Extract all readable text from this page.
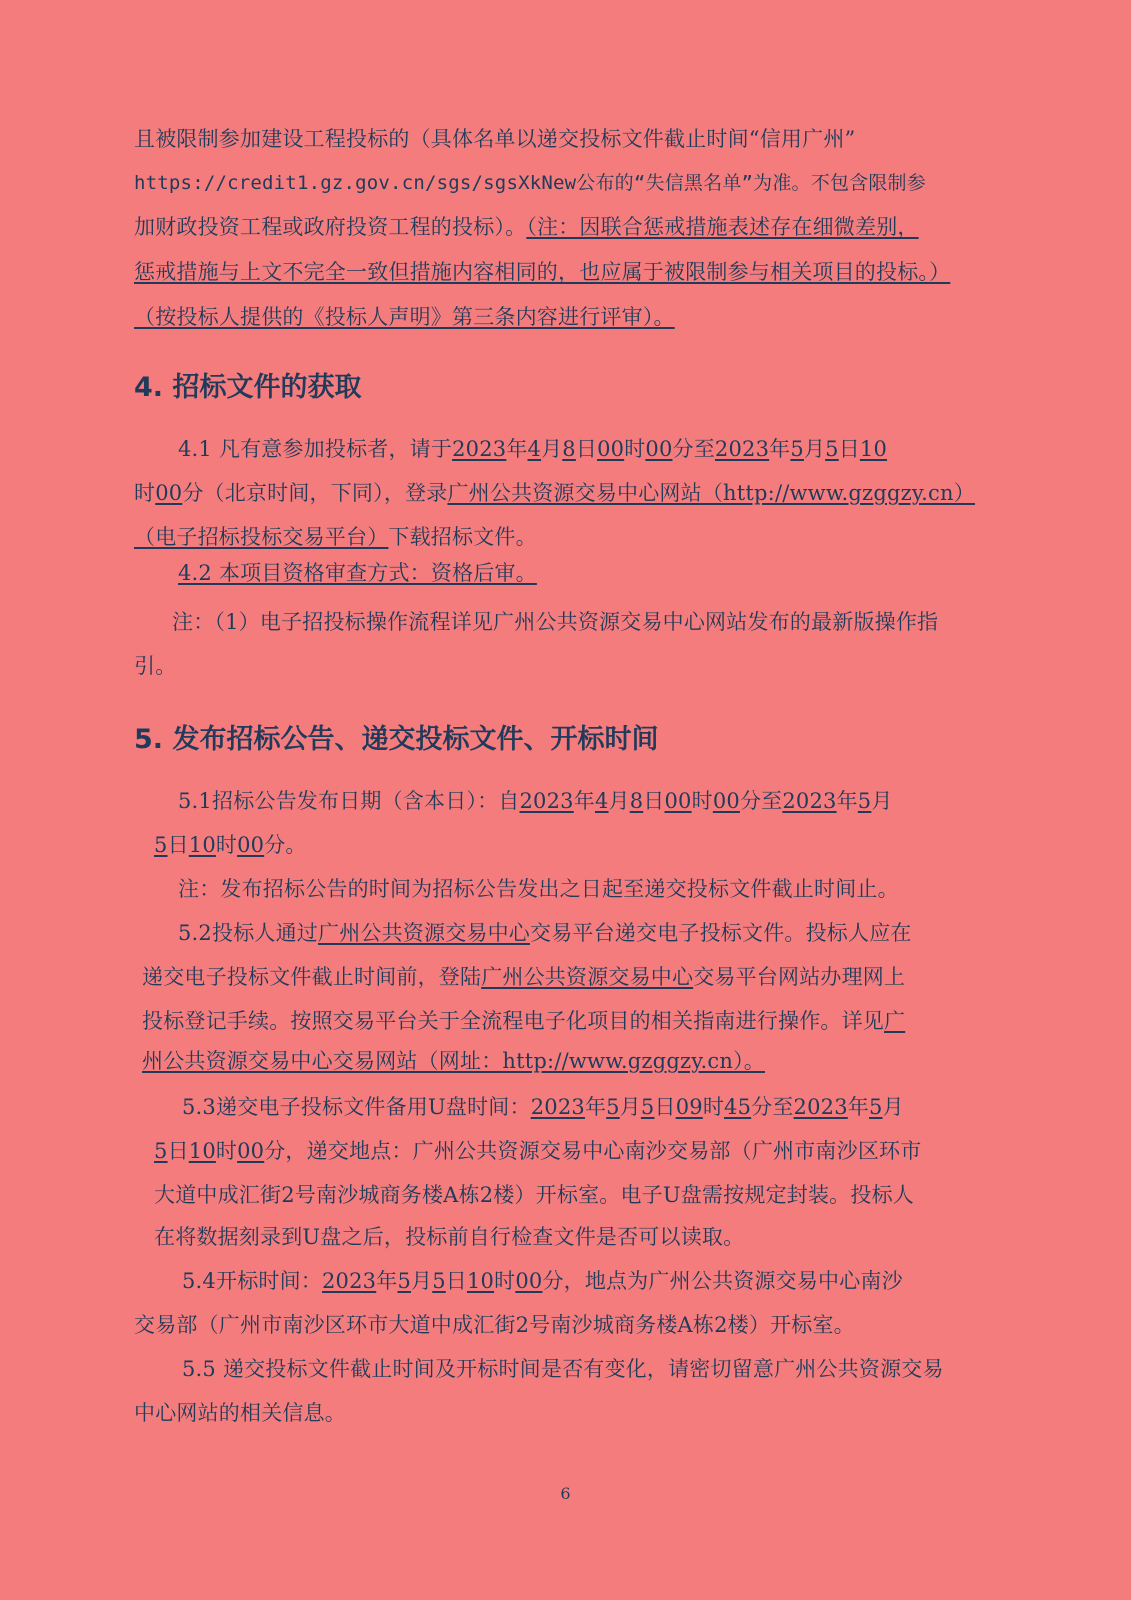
且被限制参加建设工程投标的（具体名单以递交投标文件截止时间“信用广州”
https://credit1.gz.gov.cn/sgs/sgsXkNew公布的“失信黑名单”为准。不包含限制参
加财政投资工程或政府投资工程的投标）。（注：因联合惩戒措施表述存在细微差别，
惩戒措施与上文不完全一致但措施内容相同的，也应属于被限制参与相关项目的投标。）
（按投标人提供的《投标人声明》第三条内容进行评审）。
4. 招标文件的获取
4.1 凡有意参加投标者，请于2023年4月8日00时00分至2023年5月5日10
时00分（北京时间，下同），登录广州公共资源交易中心网站（http://www.gzggzy.cn）
（电子招标投标交易平台）下载招标文件。
4.2 本项目资格审查方式：资格后审。
注：（1）电子招投标操作流程详见广州公共资源交易中心网站发布的最新版操作指
引。
5. 发布招标公告、递交投标文件、开标时间
5.1招标公告发布日期（含本日）：自2023年4月8日00时00分至2023年5月
5日10时00分。
注：发布招标公告的时间为招标公告发出之日起至递交投标文件截止时间止。
5.2投标人通过广州公共资源交易中心交易平台递交电子投标文件。投标人应在
递交电子投标文件截止时间前，登陆广州公共资源交易中心交易平台网站办理网上
投标登记手续。按照交易平台关于全流程电子化项目的相关指南进行操作。详见广
州公共资源交易中心交易网站（网址：http://www.gzggzy.cn）。
5.3递交电子投标文件备用U盘时间：2023年5月5日09时45分至2023年5月
5日10时00分，递交地点：广州公共资源交易中心南沙交易部（广州市南沙区环市
大道中成汇街2号南沙城商务楼A栋2楼）开标室。电子U盘需按规定封装。投标人
在将数据刻录到U盘之后，投标前自行检查文件是否可以读取。
5.4开标时间：2023年5月5日10时00分，地点为广州公共资源交易中心南沙
交易部（广州市南沙区环市大道中成汇街2号南沙城商务楼A栋2楼）开标室。
5.5 递交投标文件截止时间及开标时间是否有变化，请密切留意广州公共资源交易
中心网站的相关信息。
6
